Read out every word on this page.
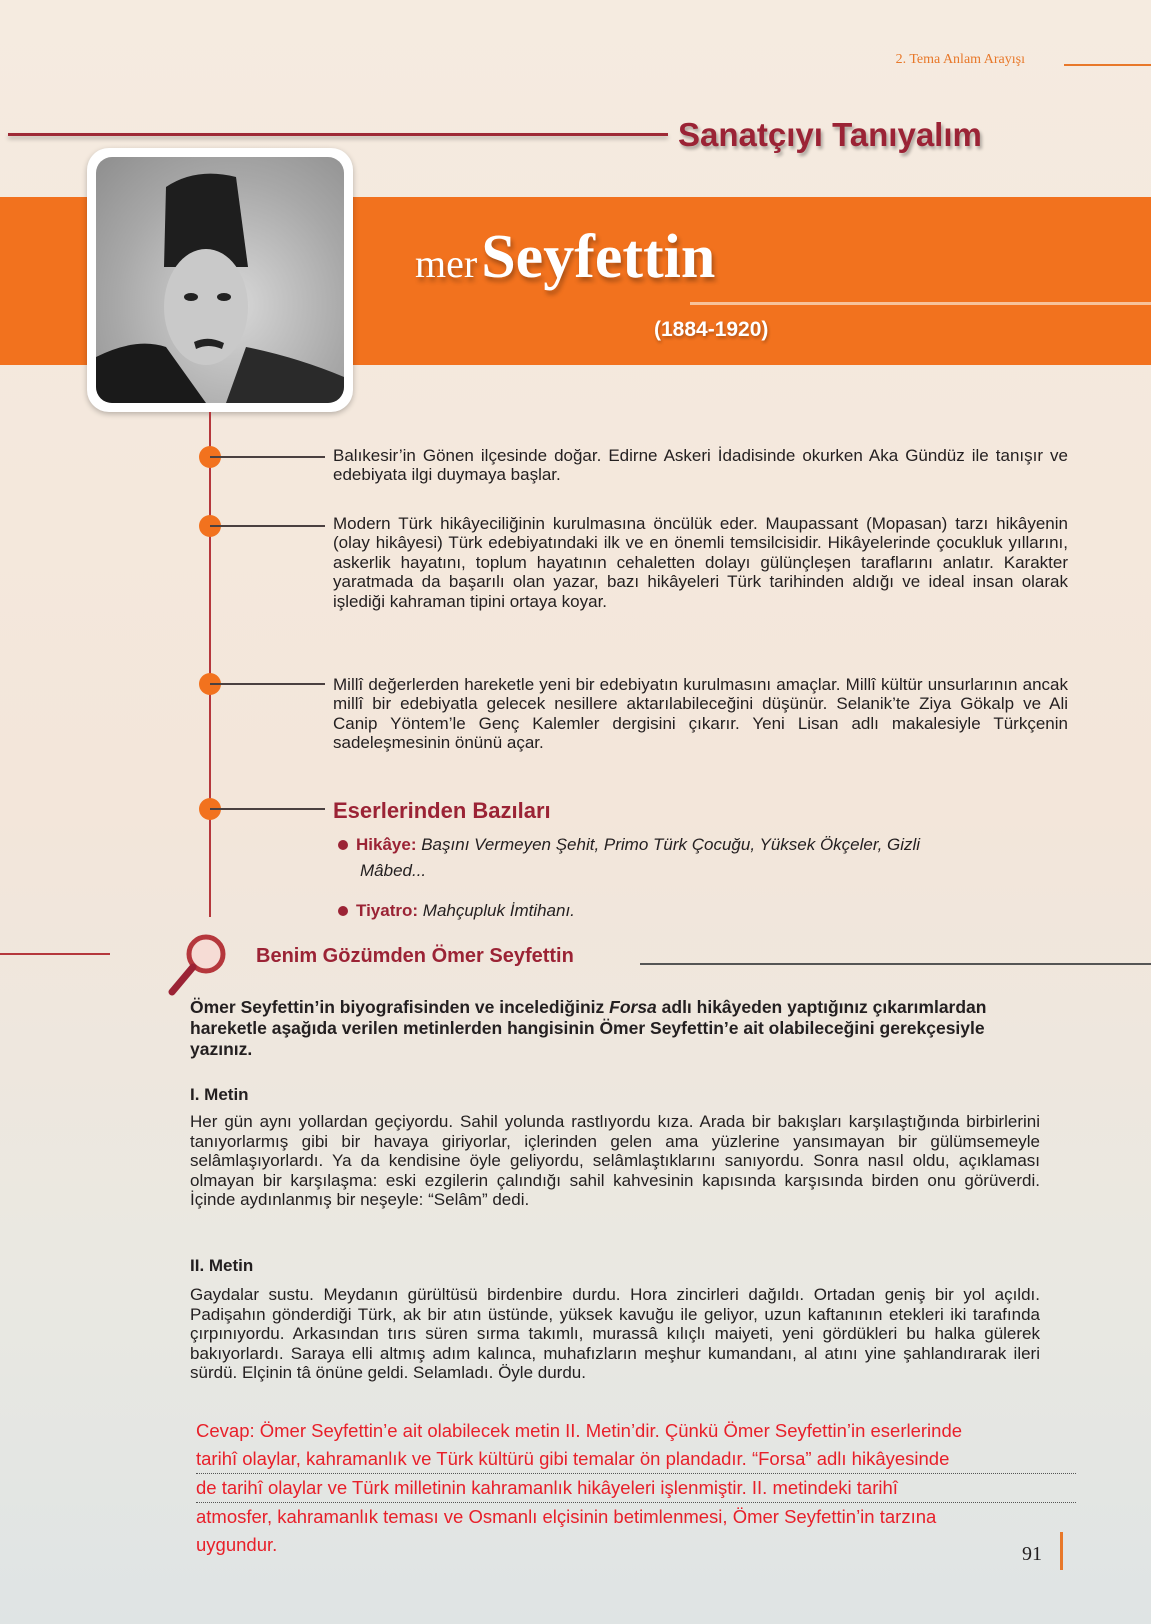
2. Tema Anlam Arayışı
Sanatçıyı Tanıyalım
mer Seyfettin
(1884-1920)
Balıkesir’in Gönen ilçesinde doğar. Edirne Askeri İdadisinde okurken Aka Gündüz ile tanışır ve edebiyata ilgi duymaya başlar.
Modern Türk hikâyeciliğinin kurulmasına öncülük eder. Maupassant (Mopasan) tarzı hikâyenin (olay hikâyesi) Türk edebiyatındaki ilk ve en önemli temsilcisidir. Hikâyelerinde çocukluk yıllarını, askerlik hayatını, toplum hayatının cehaletten dolayı gülünçleşen taraflarını anlatır. Karakter yaratmada da başarılı olan yazar, bazı hikâyeleri Türk tarihinden aldığı ve ideal insan olarak işlediği kahraman tipini ortaya koyar.
Millî değerlerden hareketle yeni bir edebiyatın kurulmasını amaçlar. Millî kültür unsurlarının ancak millî bir edebiyatla gelecek nesillere aktarılabileceğini düşünür. Selanik’te Ziya Gökalp ve Ali Canip Yöntem’le Genç Kalemler dergisini çıkarır. Yeni Lisan adlı makalesiyle Türkçenin sadeleşmesinin önünü açar.
Eserlerinden Bazıları
Hikâye: Başını Vermeyen Şehit, Primo Türk Çocuğu, Yüksek Ökçeler, Gizli
Mâbed...
Tiyatro: Mahçupluk İmtihanı.
Benim Gözümden Ömer Seyfettin
Ömer Seyfettin’in biyografisinden ve incelediğiniz Forsa adlı hikâyeden yaptığınız çıkarımlardan hareketle aşağıda verilen metinlerden hangisinin Ömer Seyfettin’e ait olabileceğini gerekçesiyle yazınız.
I. Metin
Her gün aynı yollardan geçiyordu. Sahil yolunda rastlıyordu kıza. Arada bir bakışları karşılaştığında birbirlerini tanıyorlarmış gibi bir havaya giriyorlar, içlerinden gelen ama yüzlerine yansımayan bir gülümsemeyle selâmlaşıyorlardı. Ya da kendisine öyle geliyordu, selâmlaştıklarını sanıyordu. Sonra nasıl oldu, açıklaması olmayan bir karşılaşma: eski ezgilerin çalındığı sahil kahvesinin kapısında karşısında birden onu görüverdi. İçinde aydınlanmış bir neşeyle: “Selâm” dedi.
II. Metin
Gaydalar sustu. Meydanın gürültüsü birdenbire durdu. Hora zincirleri dağıldı. Ortadan geniş bir yol açıldı. Padişahın gönderdiği Türk, ak bir atın üstünde, yüksek kavuğu ile geliyor, uzun kaftanının etekleri iki tarafında çırpınıyordu. Arkasından tırıs süren sırma takımlı, murassâ kılıçlı maiyeti, yeni gördükleri bu halka gülerek bakıyorlardı. Saraya elli altmış adım kalınca, muhafızların meşhur kumandanı, al atını yine şahlandırarak ileri sürdü. Elçinin tâ önüne geldi. Selamladı. Öyle durdu.
Cevap: Ömer Seyfettin’e ait olabilecek metin II. Metin’dir. Çünkü Ömer Seyfettin’in eserlerinde
tarihî olaylar, kahramanlık ve Türk kültürü gibi temalar ön plandadır. “Forsa” adlı hikâyesinde
de tarihî olaylar ve Türk milletinin kahramanlık hikâyeleri işlenmiştir. II. metindeki tarihî
atmosfer, kahramanlık teması ve Osmanlı elçisinin betimlenmesi, Ömer Seyfettin’in tarzına
uygundur.	91
